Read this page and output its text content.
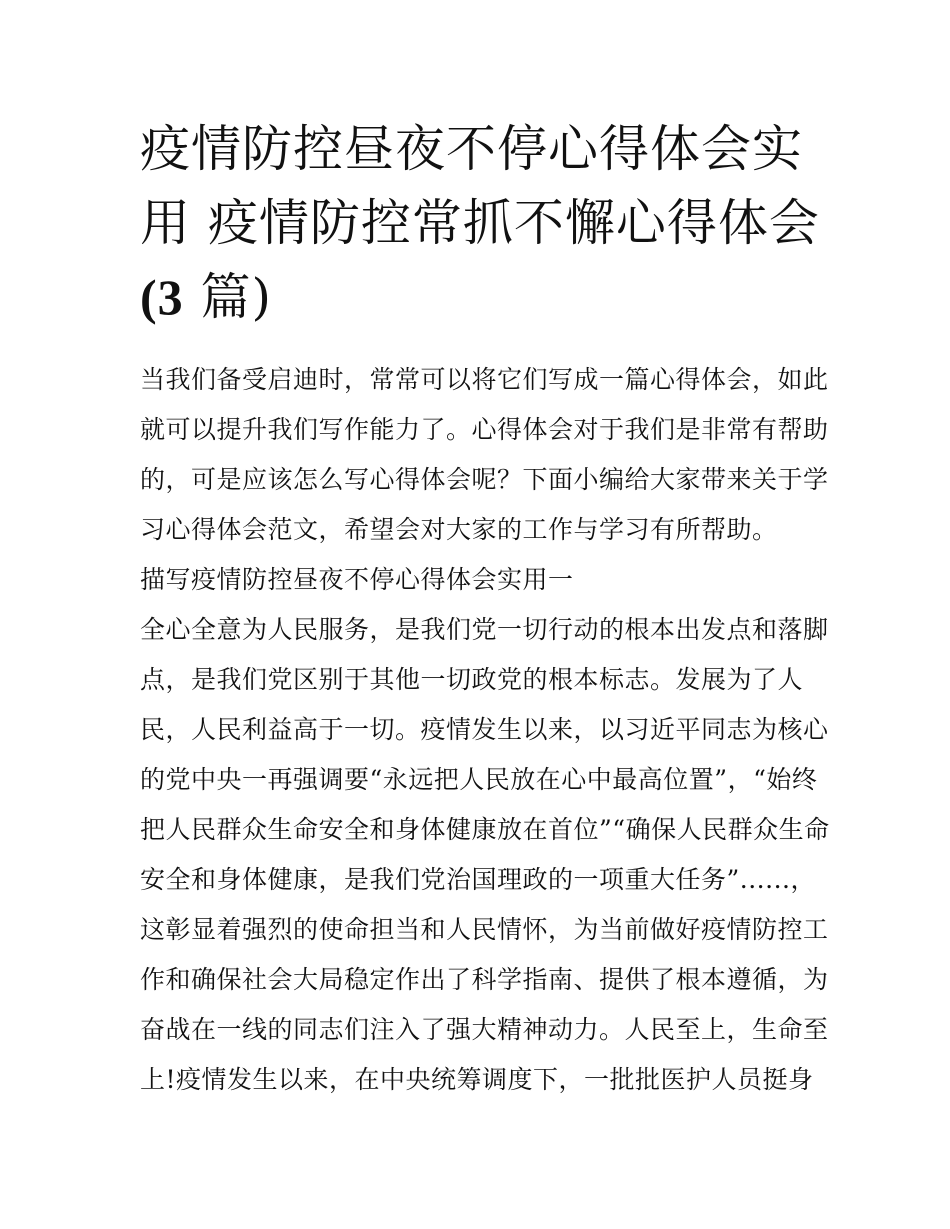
疫情防控昼夜不停心得体会实
用 疫情防控常抓不懈心得体会
(3 篇)
当我们备受启迪时，常常可以将它们写成一篇心得体会，如此
就可以提升我们写作能力了。心得体会对于我们是非常有帮助
的，可是应该怎么写心得体会呢？下面小编给大家带来关于学
习心得体会范文，希望会对大家的工作与学习有所帮助。
描写疫情防控昼夜不停心得体会实用一
全心全意为人民服务，是我们党一切行动的根本出发点和落脚
点，是我们党区别于其他一切政党的根本标志。发展为了人
民，人民利益高于一切。疫情发生以来，以习近平同志为核心
的党中央一再强调要“永远把人民放在心中最高位置”，“始终
把人民群众生命安全和身体健康放在首位”“确保人民群众生命
安全和身体健康，是我们党治国理政的一项重大任务”......，
这彰显着强烈的使命担当和人民情怀，为当前做好疫情防控工
作和确保社会大局稳定作出了科学指南、提供了根本遵循，为
奋战在一线的同志们注入了强大精神动力。人民至上，生命至
上!疫情发生以来，在中央统筹调度下，一批批医护人员挺身
